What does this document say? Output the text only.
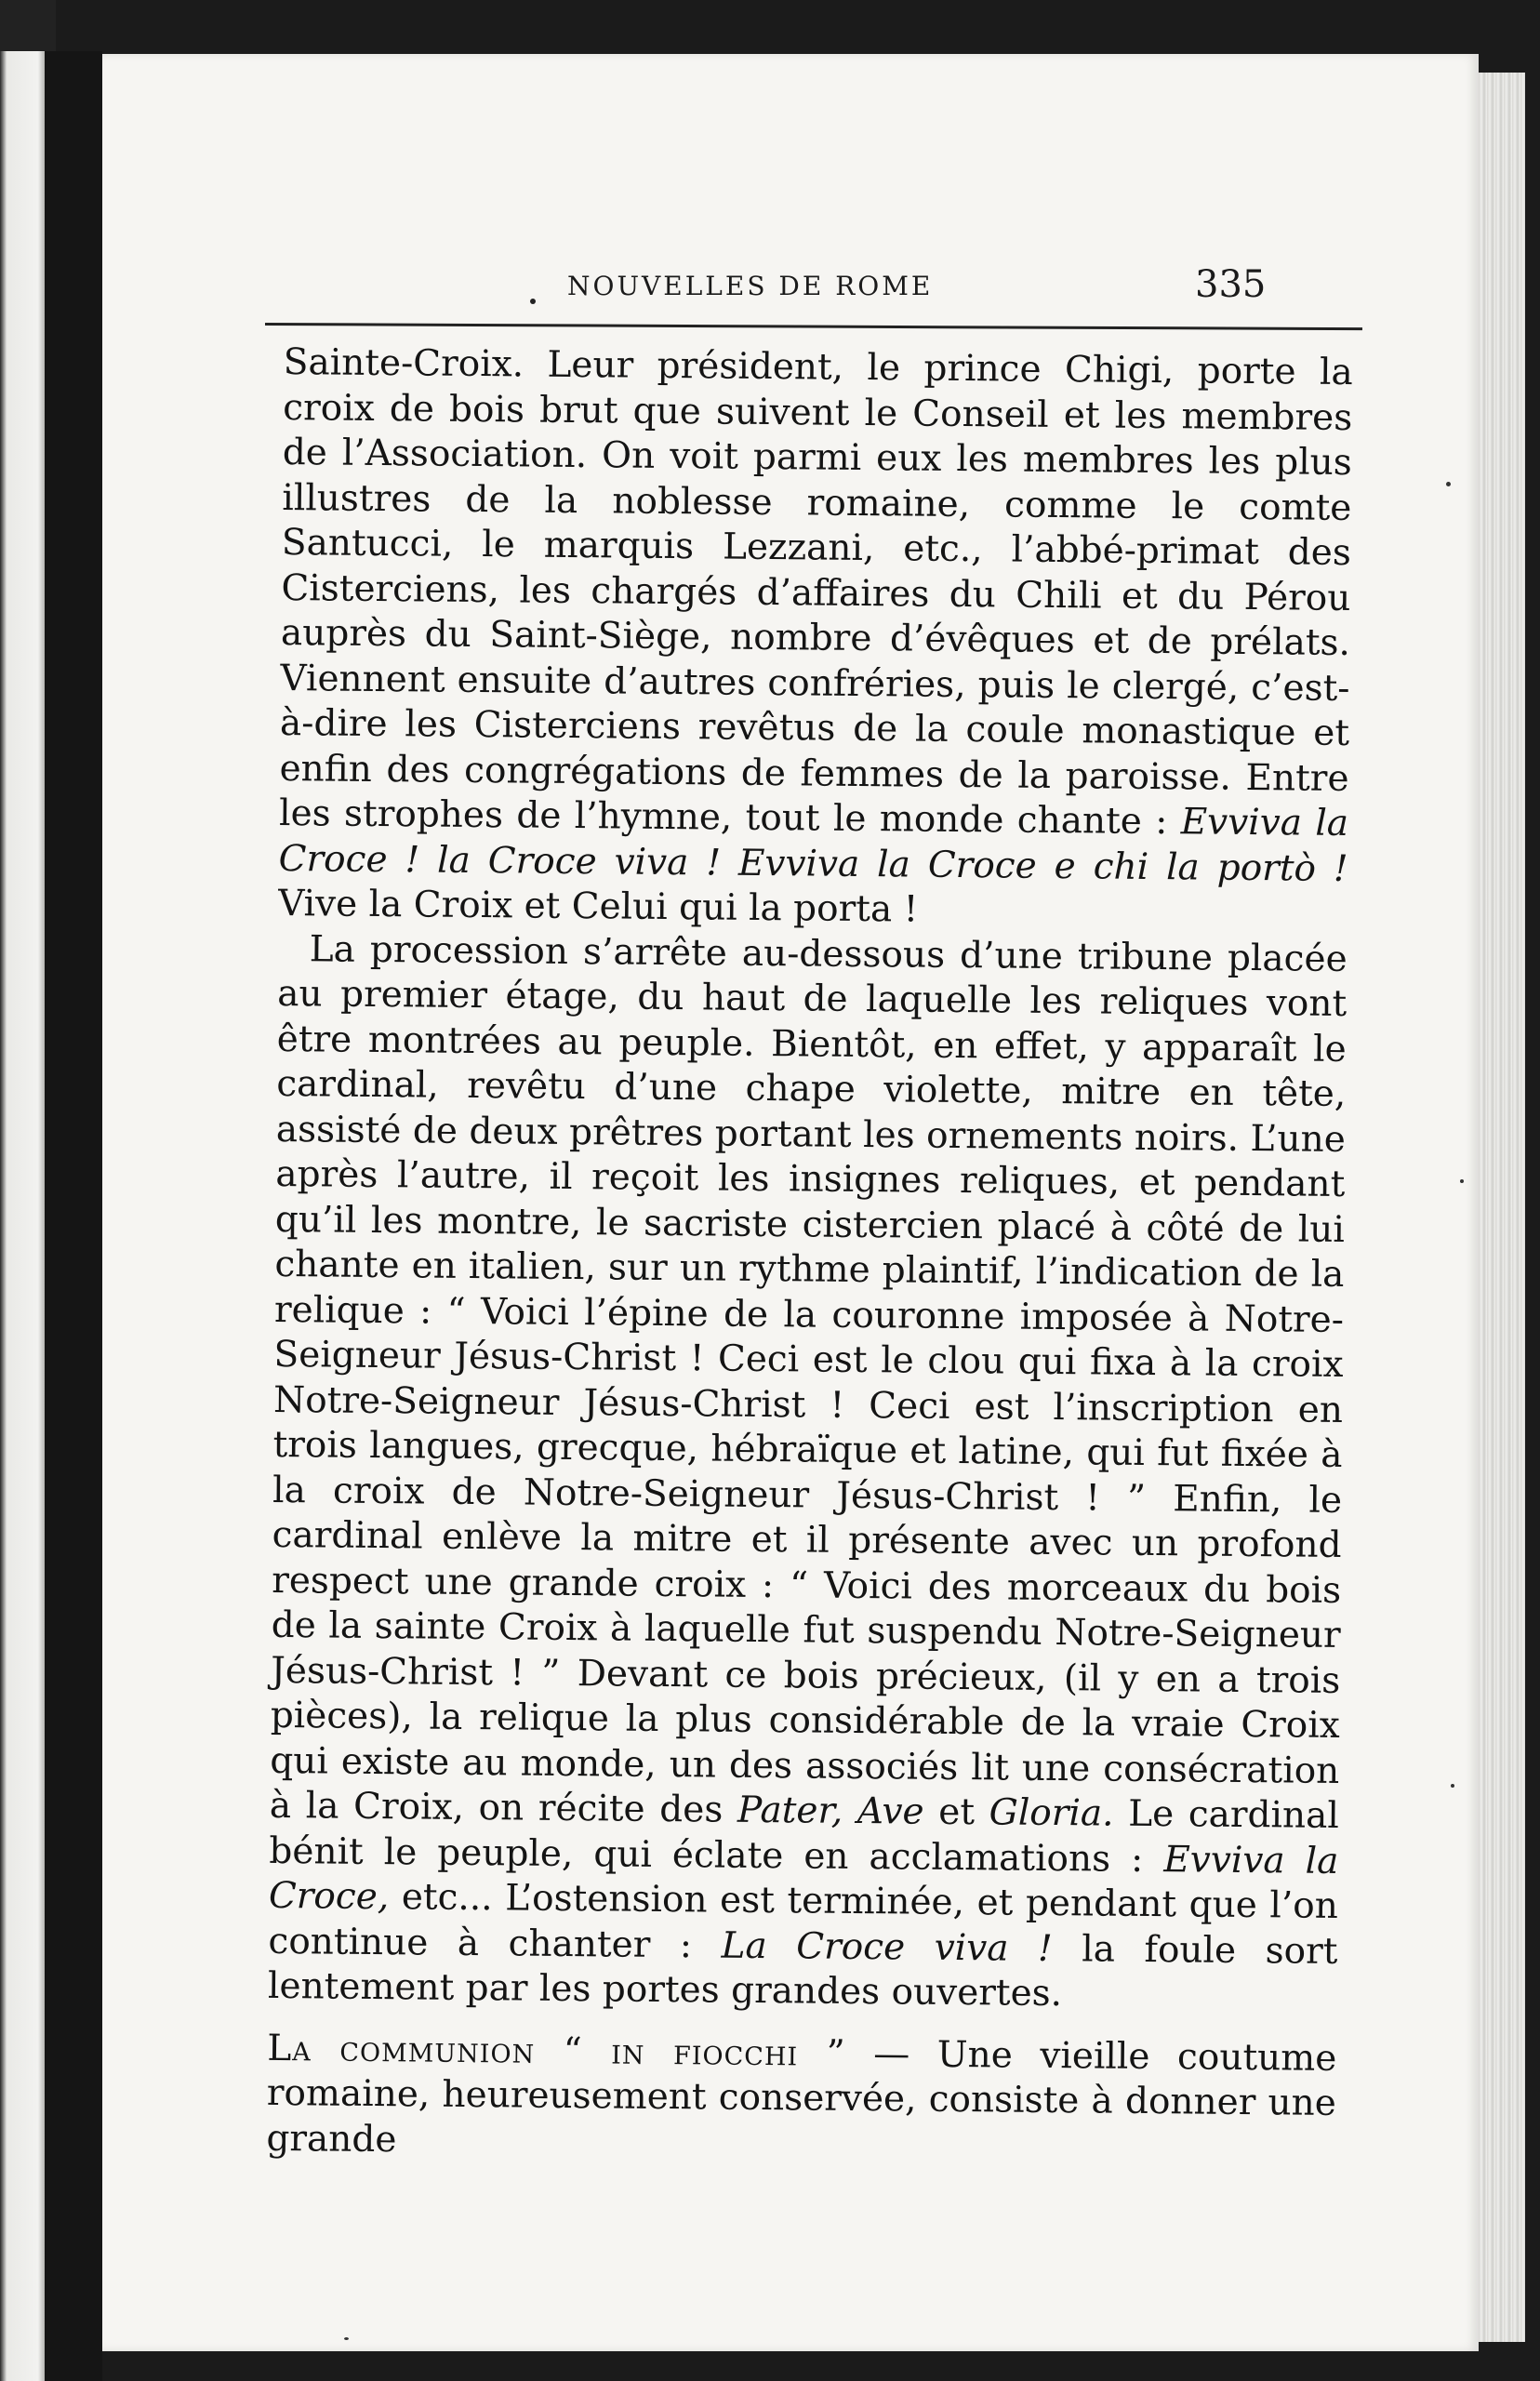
NOUVELLES DE ROME	335

Sainte-Croix. Leur président, le prince Chigi, porte la croix de bois brut que suivent le Conseil et les membres de l’Association. On voit parmi eux les membres les plus illustres de la noblesse romaine, comme le comte Santucci, le marquis Lezzani, etc., l’abbé-primat des Cisterciens, les chargés d’affaires du Chili et du Pérou auprès du Saint-Siège, nombre d’évêques et de prélats. Viennent ensuite d’autres confréries, puis le clergé, c’est-à-dire les Cisterciens revêtus de la coule monastique et enfin des congrégations de femmes de la paroisse. Entre les strophes de l’hymne, tout le monde chante : Evviva la Croce ! la Croce viva ! Evviva la Croce e chi la portò ! Vive la Croix et Celui qui la porta !

La procession s’arrête au-dessous d’une tribune placée au premier étage, du haut de laquelle les reliques vont être montrées au peuple. Bientôt, en effet, y apparaît le cardinal, revêtu d’une chape violette, mitre en tête, assisté de deux prêtres portant les ornements noirs. L’une après l’autre, il reçoit les insignes reliques, et pendant qu’il les montre, le sacriste cistercien placé à côté de lui chante en italien, sur un rythme plaintif, l’indication de la relique : “ Voici l’épine de la couronne imposée à Notre-Seigneur Jésus-Christ ! Ceci est le clou qui fixa à la croix Notre-Seigneur Jésus-Christ ! Ceci est l’inscription en trois langues, grecque, hébraïque et latine, qui fut fixée à la croix de Notre-Seigneur Jésus-Christ ! ” Enfin, le cardinal enlève la mitre et il présente avec un profond respect une grande croix : “ Voici des morceaux du bois de la sainte Croix à laquelle fut suspendu Notre-Seigneur Jésus-Christ ! ” Devant ce bois précieux, (il y en a trois pièces), la relique la plus considérable de la vraie Croix qui existe au monde, un des associés lit une consécration à la Croix, on récite des Pater, Ave et Gloria. Le cardinal bénit le peuple, qui éclate en acclamations : Evviva la Croce, etc... L’ostension est terminée, et pendant que l’on continue à chanter : La Croce viva ! la foule sort lentement par les portes grandes ouvertes.

La communion “ in fiocchi ” — Une vieille coutume romaine, heureusement conservée, consiste à donner une grande
